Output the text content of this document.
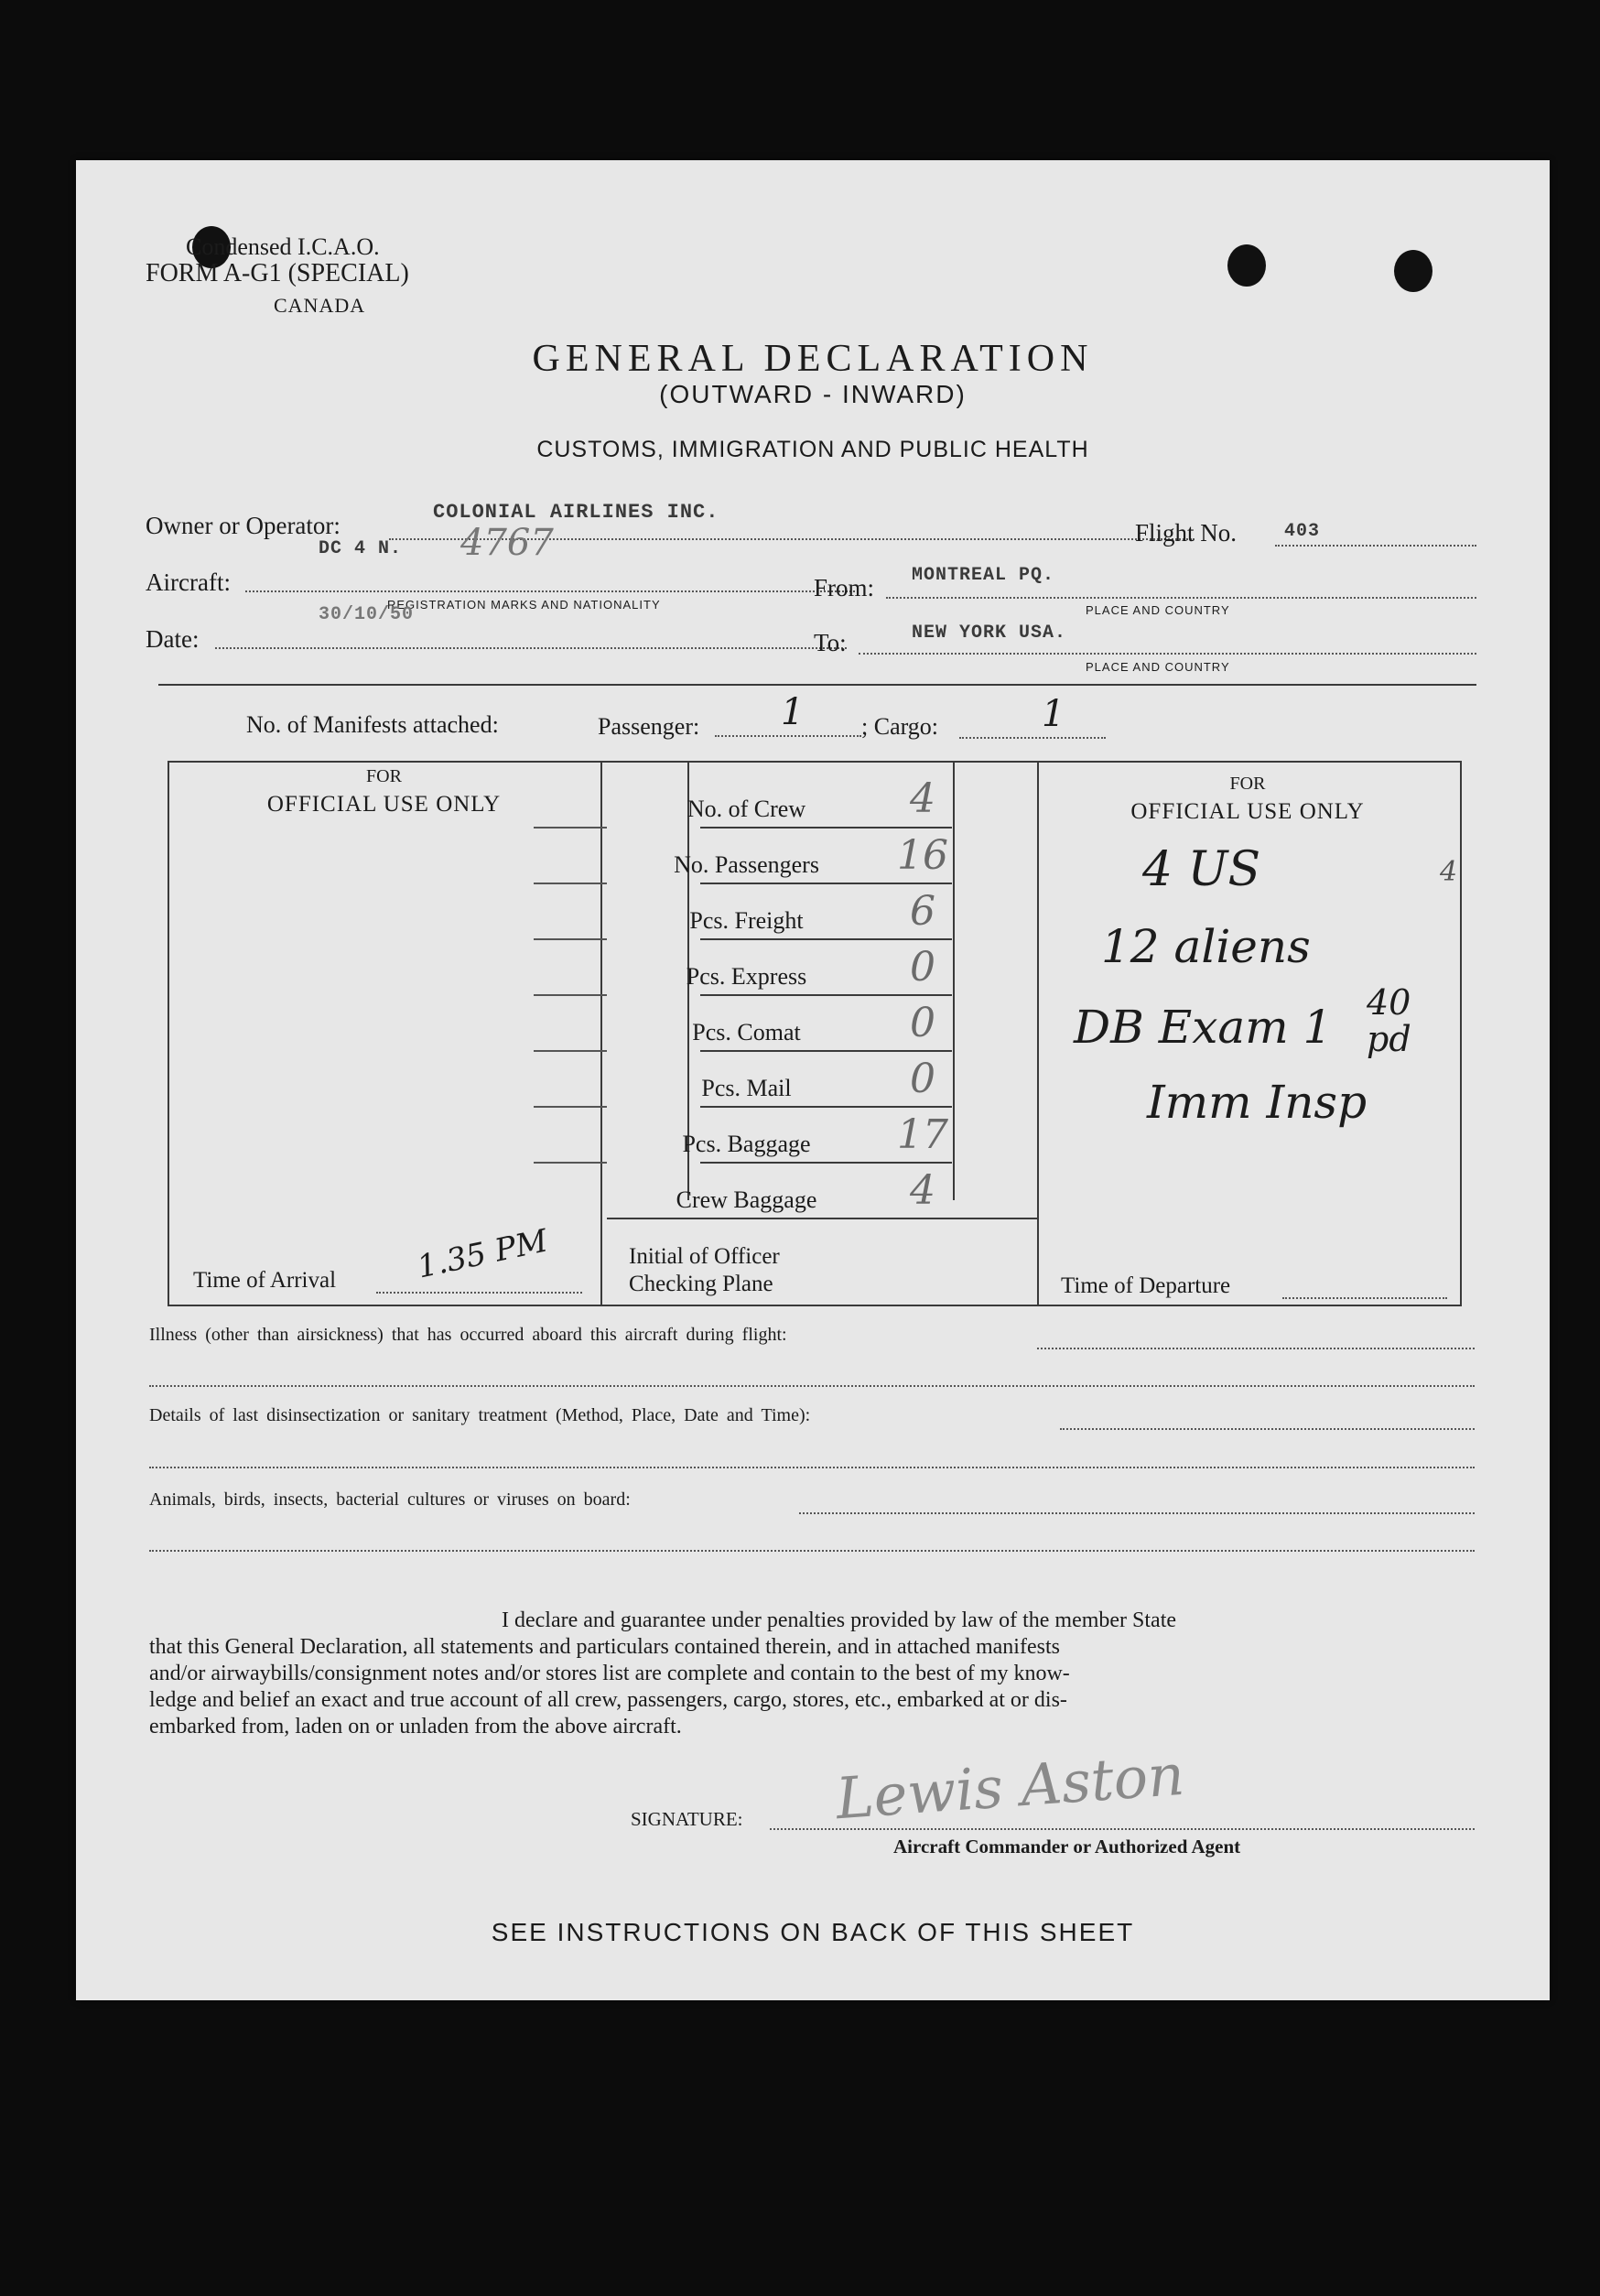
Condensed I.C.A.O.
FORM A-G1 (SPECIAL)
CANADA
GENERAL DECLARATION
(OUTWARD - INWARD)
CUSTOMS, IMMIGRATION AND PUBLIC HEALTH
Owner or Operator:	COLONIAL AIRLINES INC.
Flight No.	403
DC 4 N. 4767
Aircraft:
REGISTRATION MARKS AND NATIONALITY
From: MONTREAL PQ.
PLACE AND COUNTRY
30/10/50
Date:	To:	NEW YORK USA.
PLACE AND COUNTRY
No. of Manifests attached:	Passenger: 1 ; Cargo:	1
FOR
OFFICIAL USE ONLY
FOR
OFFICIAL USE ONLY
No. of Crew	4
No. Passengers	16
Pcs. Freight	6
Pcs. Express	0
Pcs. Comat	0
Pcs. Mail	0
Pcs. Baggage	17
Crew Baggage	4
Time of Arrival	1.35 PM	Initial of Officer
Checking Plane	Time of Departure
4 US	4
12 aliens
DB Exam 1 40 pd
Imm Insp
Illness (other than airsickness) that has occurred aboard this aircraft during flight:
Details of last disinsectization or sanitary treatment (Method, Place, Date and Time):
Animals, birds, insects, bacterial cultures or viruses on board:
I declare and guarantee under penalties provided by law of the member State
that this General Declaration, all statements and particulars contained therein, and in attached manifests
and/or airwaybills/consignment notes and/or stores list are complete and contain to the best of my know-
ledge and belief an exact and true account of all crew, passengers, cargo, stores, etc., embarked at or dis-
embarked from, laden on or unladen from the above aircraft.
SIGNATURE: Lewis Aston
Aircraft Commander or Authorized Agent
SEE INSTRUCTIONS ON BACK OF THIS SHEET
